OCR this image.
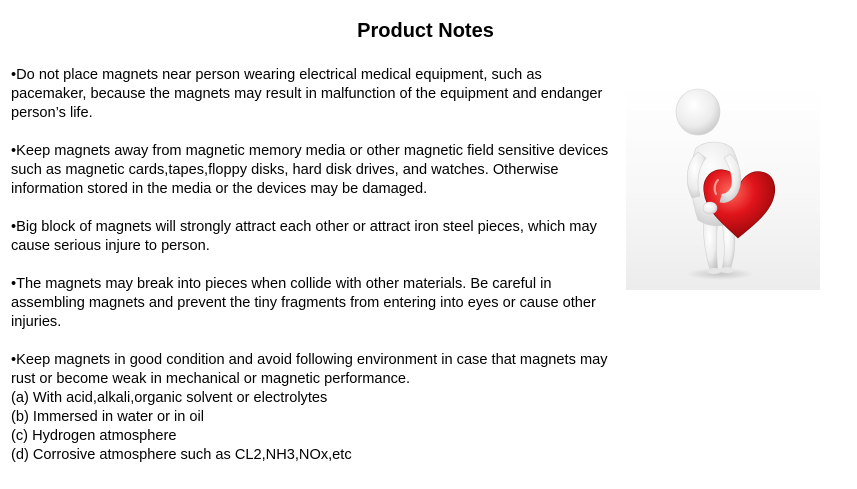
Product Notes

•Do not place magnets near person wearing electrical medical equipment, such as pacemaker, because the magnets may result in malfunction of the equipment and endanger person’s life.

•Keep magnets away from magnetic memory media or other magnetic field sensitive devices such as magnetic cards,tapes,floppy disks, hard disk drives, and watches. Otherwise information stored in the media or the devices may be damaged.

•Big block of magnets will strongly attract each other or attract iron steel pieces, which may cause serious injure to person.

•The magnets may break into pieces when collide with other materials. Be careful in assembling magnets and prevent the tiny fragments from entering into eyes or cause other injuries.

•Keep magnets in good condition and avoid following environment in case that magnets may rust or become weak in mechanical or magnetic performance.
(a) With acid,alkali,organic solvent or electrolytes
(b) Immersed in water or in oil
(c) Hydrogen atmosphere
(d) Corrosive atmosphere such as CL2,NH3,NOx,etc
